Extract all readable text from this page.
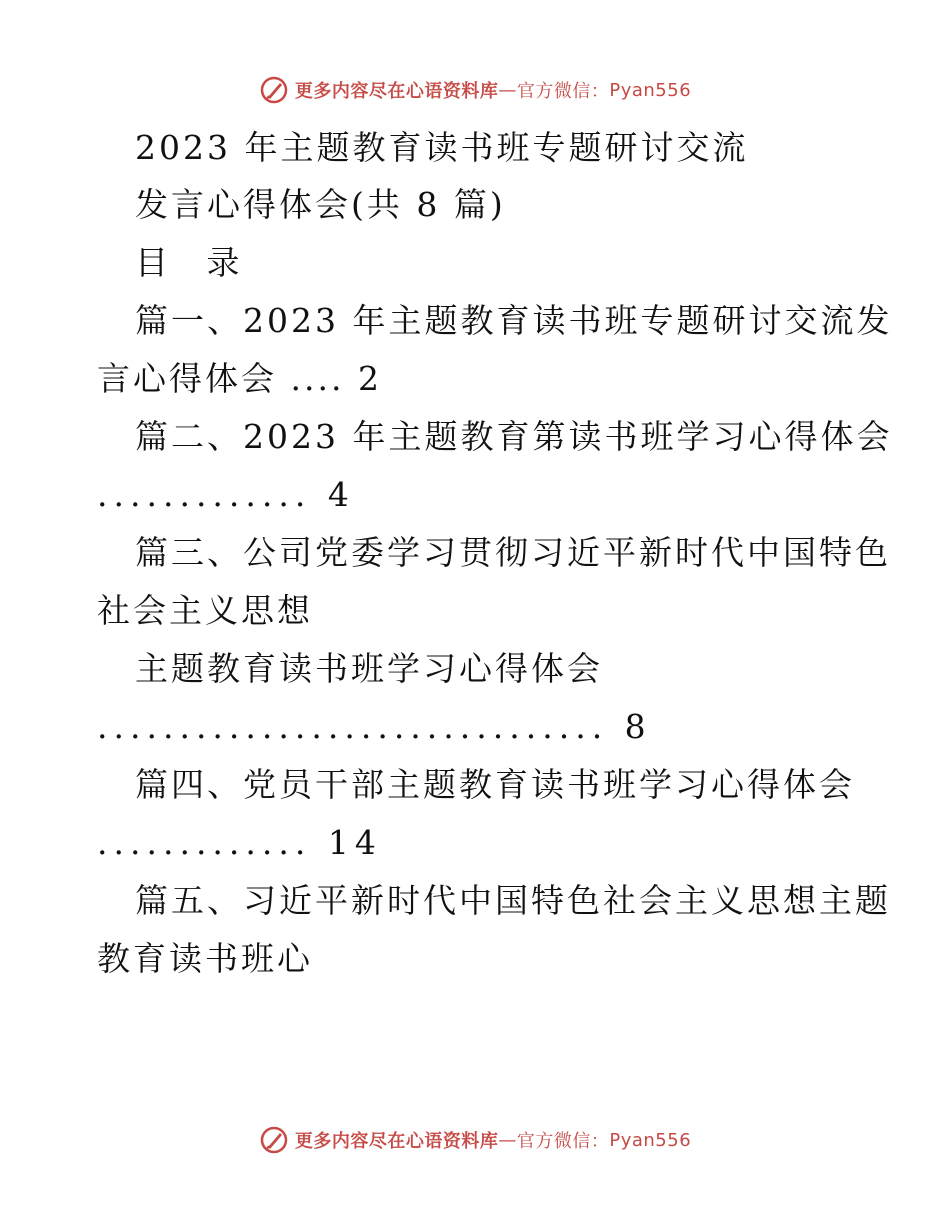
更多内容尽在心语资料库 — 官方微信： Pyan556
2023 年主题教育读书班专题研讨交流
发言心得体会(共 8 篇)
目 录
篇一、2023 年主题教育读书班专题研讨交流发
言心得体会 .... 2
篇二、2023 年主题教育第读书班学习心得体会
............. 4
篇三、公司党委学习贯彻习近平新时代中国特色
社会主义思想
主题教育读书班学习心得体会
............................... 8
篇四、党员干部主题教育读书班学习心得体会
............. 14
篇五、习近平新时代中国特色社会主义思想主题
教育读书班心
更多内容尽在心语资料库 — 官方微信： Pyan556
